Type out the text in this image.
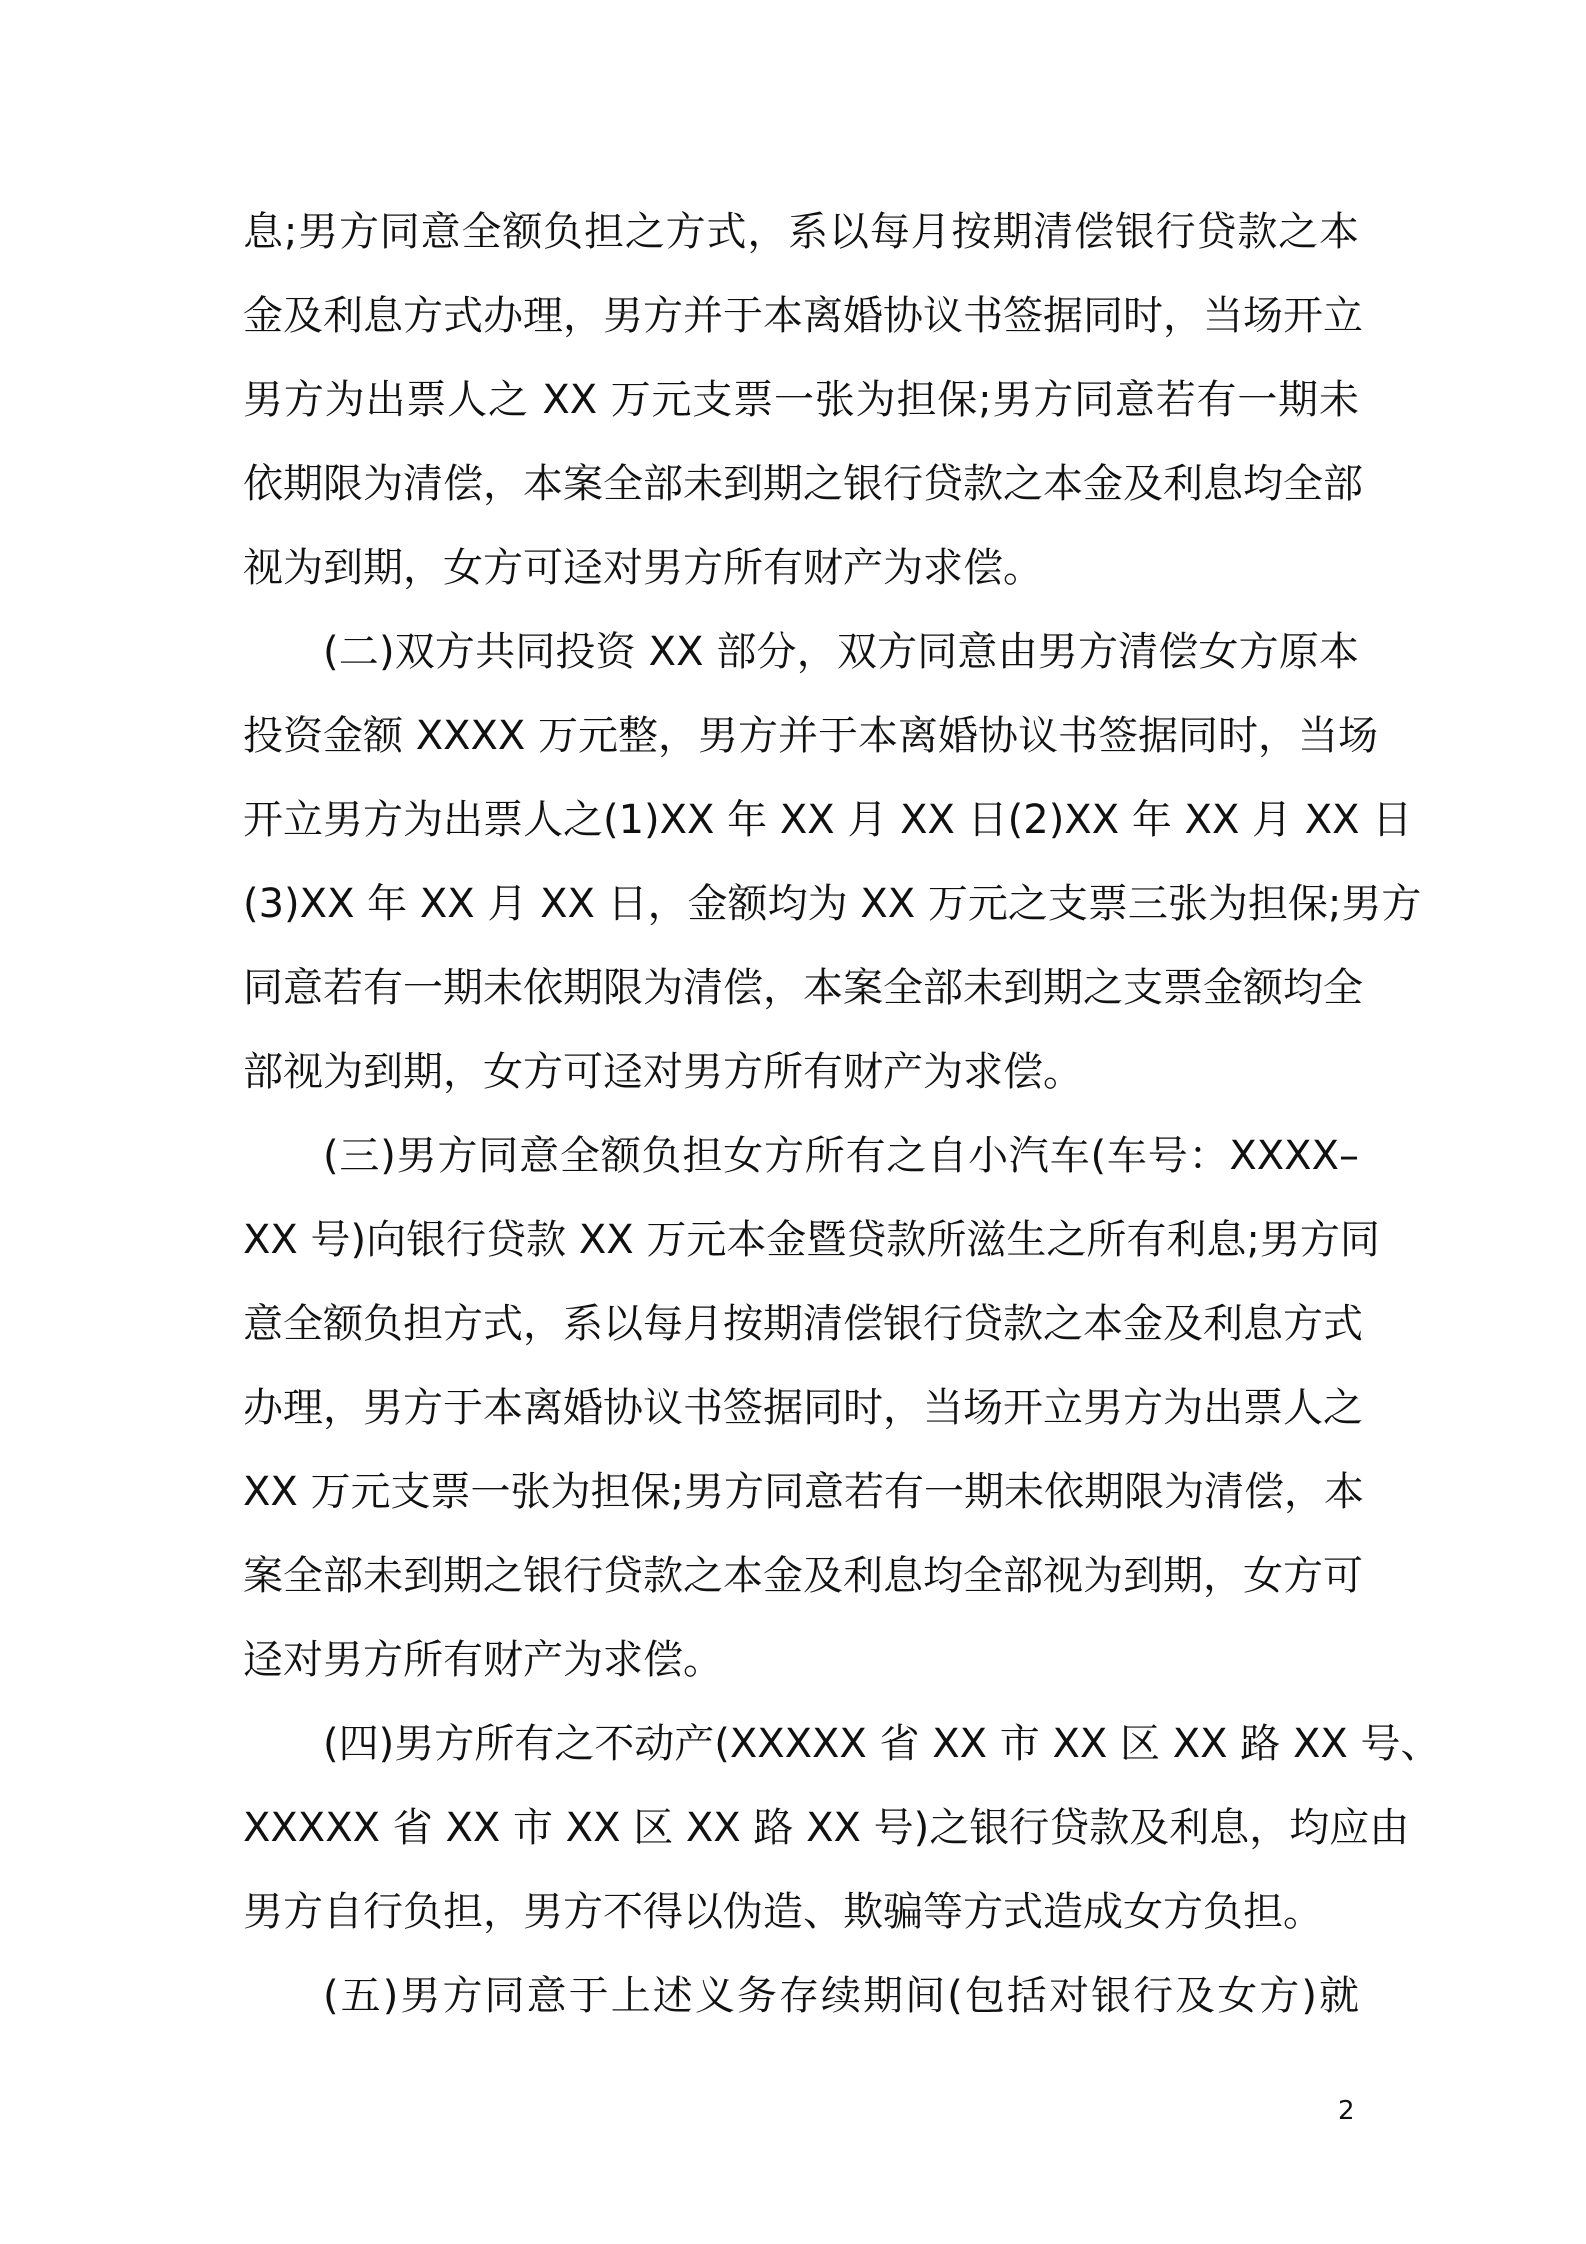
息;男方同意全额负担之方式，系以每月按期清偿银行贷款之本
金及利息方式办理，男方并于本离婚协议书签据同时，当场开立
男方为出票人之 XX 万元支票一张为担保;男方同意若有一期未
依期限为清偿，本案全部未到期之银行贷款之本金及利息均全部
视为到期，女方可迳对男方所有财产为求偿。
(二)双方共同投资 XX 部分，双方同意由男方清偿女方原本
投资金额 XXXX 万元整，男方并于本离婚协议书签据同时，当场
开立男方为出票人之(1)XX 年 XX 月 XX 日(2)XX 年 XX 月 XX 日
(3)XX 年 XX 月 XX 日，金额均为 XX 万元之支票三张为担保;男方
同意若有一期未依期限为清偿，本案全部未到期之支票金额均全
部视为到期，女方可迳对男方所有财产为求偿。
(三)男方同意全额负担女方所有之自小汽车(车号：XXXX–
XX 号)向银行贷款 XX 万元本金暨贷款所滋生之所有利息;男方同
意全额负担方式，系以每月按期清偿银行贷款之本金及利息方式
办理，男方于本离婚协议书签据同时，当场开立男方为出票人之
XX 万元支票一张为担保;男方同意若有一期未依期限为清偿，本
案全部未到期之银行贷款之本金及利息均全部视为到期，女方可
迳对男方所有财产为求偿。
(四)男方所有之不动产(XXXXX 省 XX 市 XX 区 XX 路 XX 号、
XXXXX 省 XX 市 XX 区 XX 路 XX 号)之银行贷款及利息，均应由
男方自行负担，男方不得以伪造、欺骗等方式造成女方负担。
(五)男方同意于上述义务存续期间(包括对银行及女方)就
2
